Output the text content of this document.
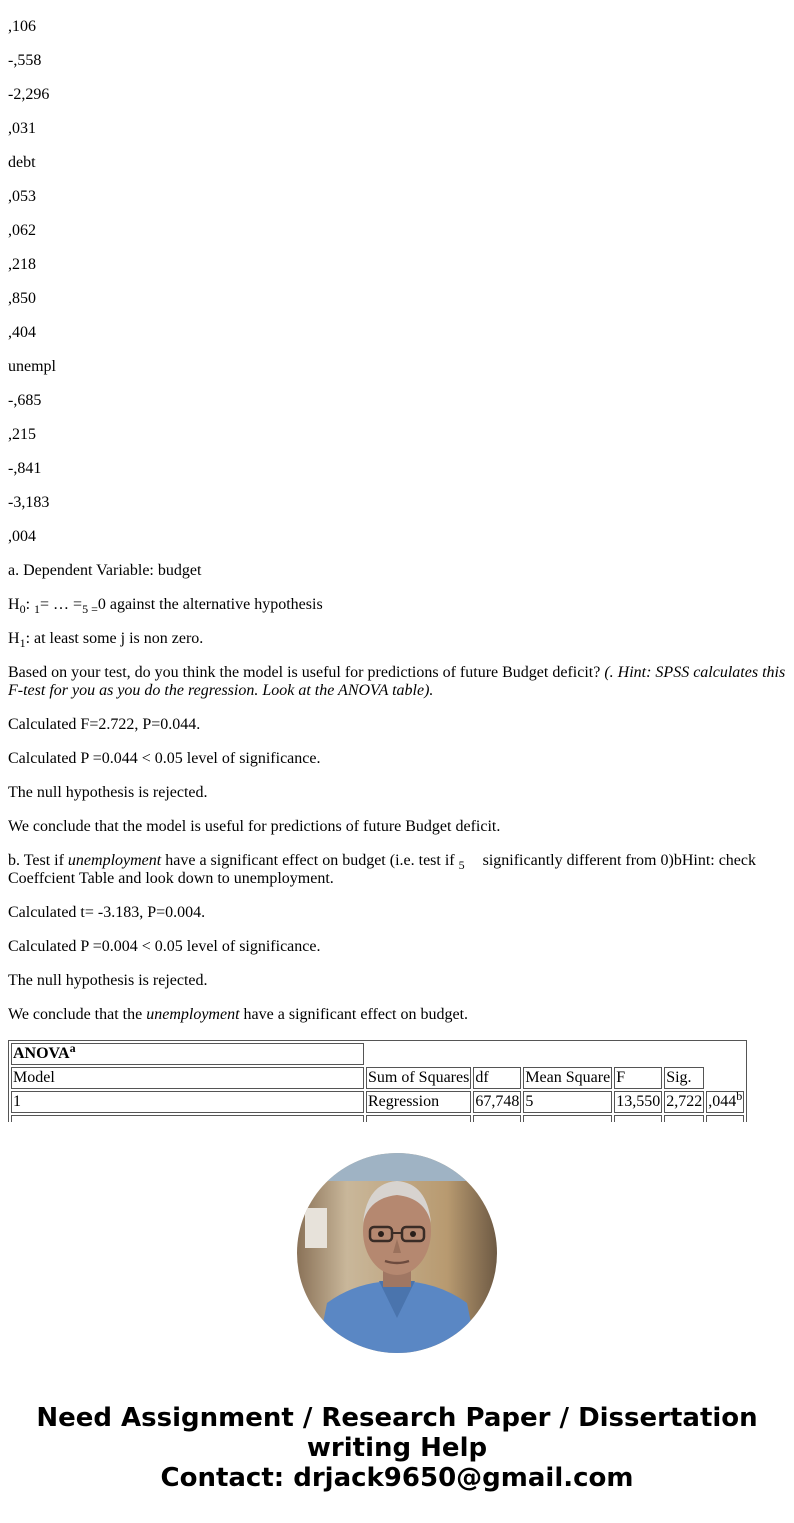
,106

-,558

-2,296

,031

debt

,053

,062

,218

,850

,404

unempl

-,685

,215

-,841

-3,183

,004

a. Dependent Variable: budget

$H_0$: $_1$= … $=_{5 =}0$ against the alternative hypothesis

$H_1$: at least some j is non zero.

Based on your test, do you think the model is useful for predictions of future Budget deficit? (. Hint: SPSS calculates this F-test for you as you do the regression. Look at the ANOVA table).

Calculated F=2.722, P=0.044.

Calculated P =0.044 < 0.05 level of significance.

The null hypothesis is rejected.

We conclude that the model is useful for predictions of future Budget deficit.

b. Test if unemployment have a significant effect on budget (i.e. test if $_5$ significantly different from 0)bHint: check Coeffcient Table and look down to unemployment.

Calculated t= -3.183, P=0.004.

Calculated P =0.004 < 0.05 level of significance.

The null hypothesis is rejected.

We conclude that the unemployment have a significant effect on budget.

ANOVA$^a$						
Model	Sum of Squares	df	Mean Square	F	Sig.	
1	Regression	67,748	5	13,550	2,722	,044$^b$

Need Assignment / Research Paper / Dissertation
writing Help
Contact: drjack9650@gmail.com
